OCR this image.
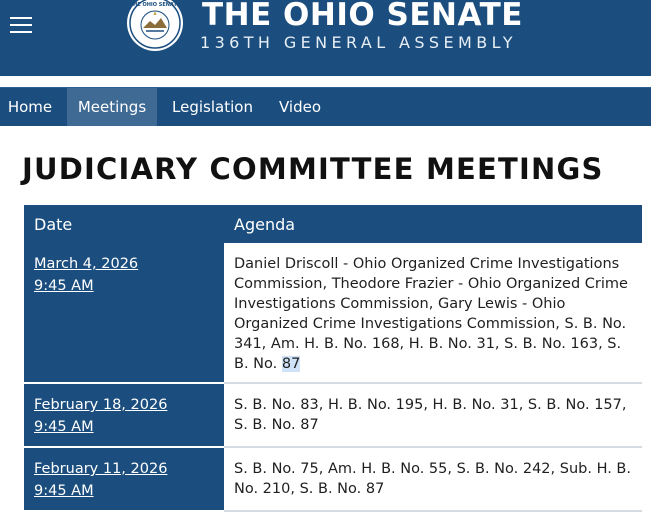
THE OHIO SENATE THE OHIO SENATE
136TH GENERAL ASSEMBLY
Home	Meetings	Legislation	Video
JUDICIARY COMMITTEE MEETINGS
Date	Agenda

March 4, 2026
9:45 AM	Daniel Driscoll - Ohio Organized Crime Investigations Commission, Theodore Frazier - Ohio Organized Crime Investigations Commission, Gary Lewis - Ohio Organized Crime Investigations Commission, S. B. No. 341, Am. H. B. No. 168, H. B. No. 31, S. B. No. 163, S. B. No. 87

February 18, 2026
9:45 AM	S. B. No. 83, H. B. No. 195, H. B. No. 31, S. B. No. 157, S. B. No. 87

February 11, 2026
9:45 AM	S. B. No. 75, Am. H. B. No. 55, S. B. No. 242, Sub. H. B. No. 210, S. B. No. 87
